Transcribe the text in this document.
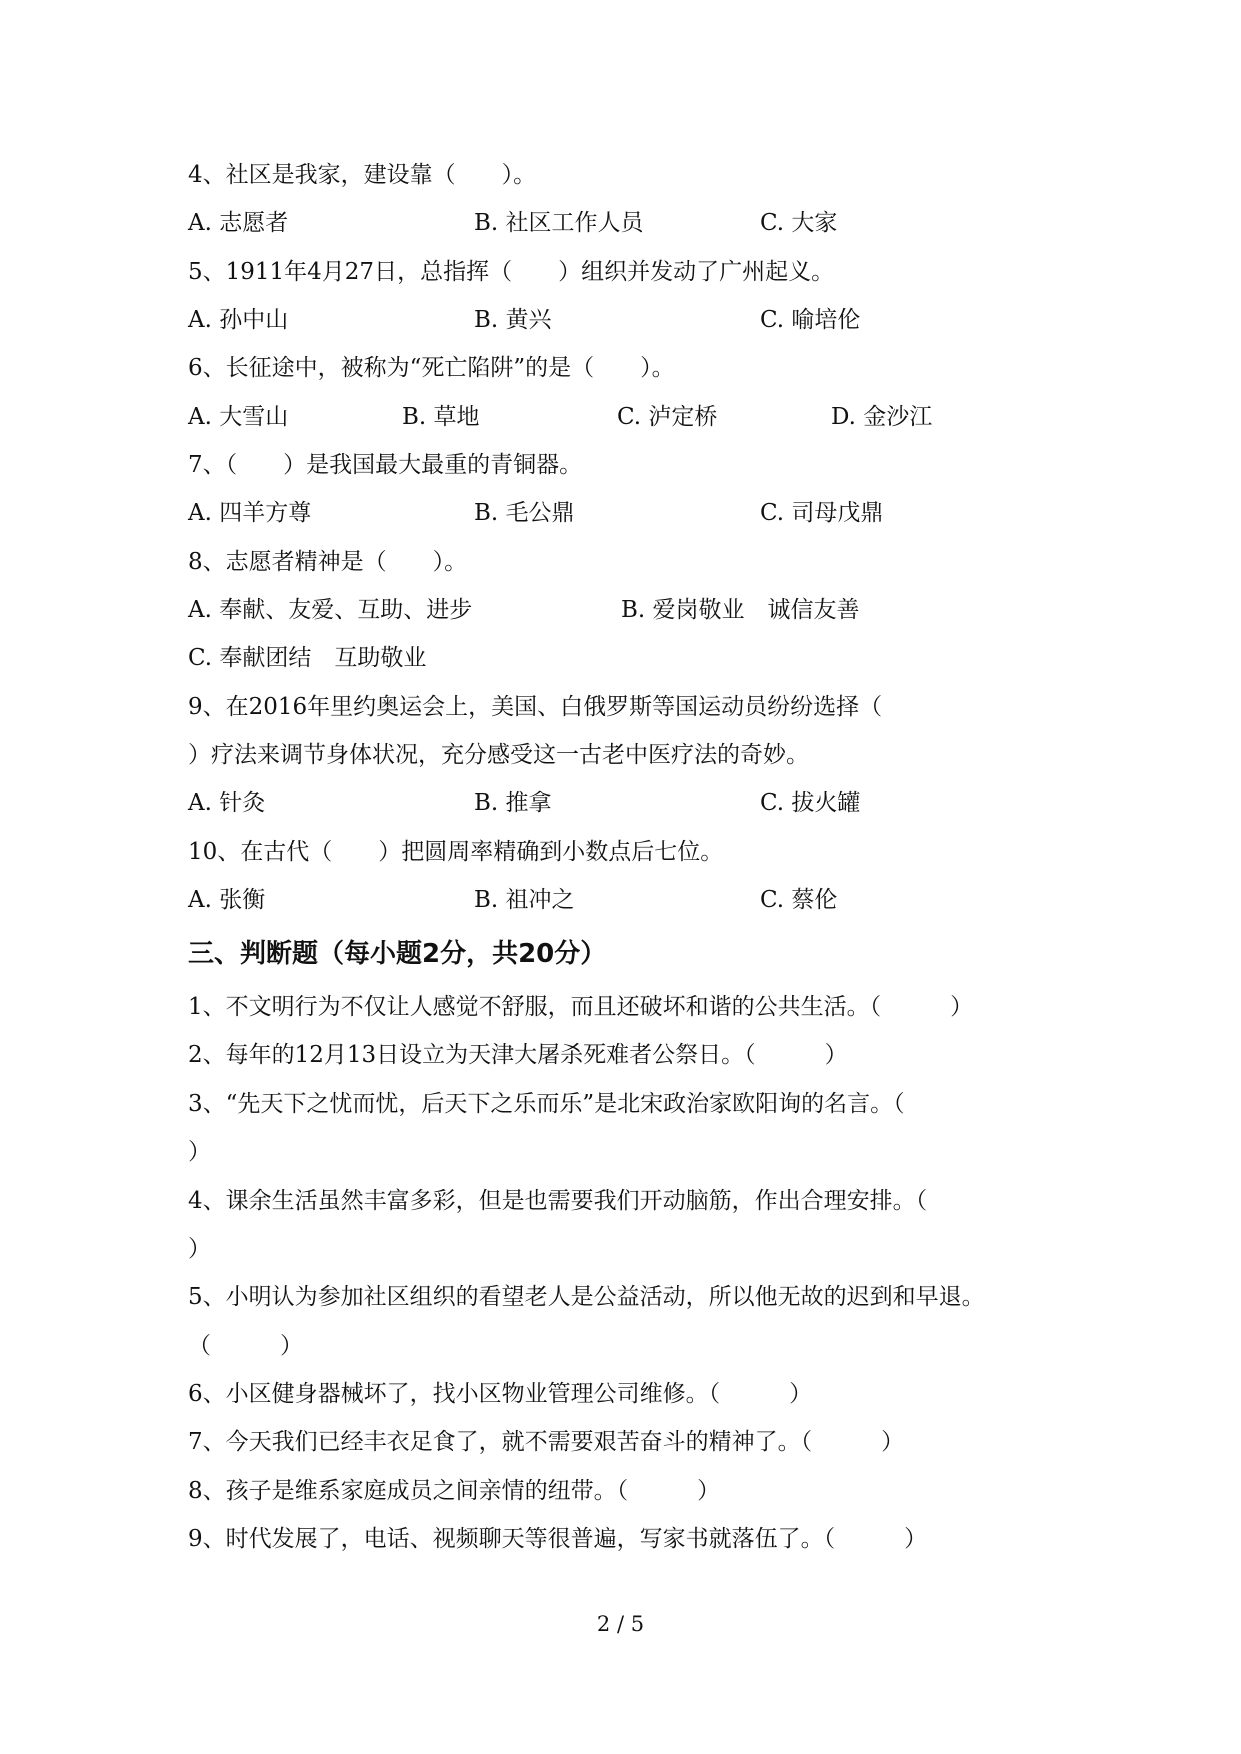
4、社区是我家，建设靠（　　）。
A. 志愿者	B. 社区工作人员	C. 大家
5、1911年4月27日，总指挥（　　）组织并发动了广州起义。
A. 孙中山	B. 黄兴	C. 喻培伦
6、长征途中，被称为“死亡陷阱”的是（　　）。
A. 大雪山	B. 草地	C. 泸定桥	D. 金沙江
7、（　　）是我国最大最重的青铜器。
A. 四羊方尊	B. 毛公鼎	C. 司母戊鼎
8、志愿者精神是（　　）。
A. 奉献、友爱、互助、进步	B. 爱岗敬业　诚信友善
C. 奉献团结　互助敬业
9、在2016年里约奥运会上，美国、白俄罗斯等国运动员纷纷选择（
）疗法来调节身体状况，充分感受这一古老中医疗法的奇妙。
A. 针灸	B. 推拿	C. 拔火罐
10、在古代（　　）把圆周率精确到小数点后七位。
A. 张衡	B. 祖冲之	C. 蔡伦
三、判断题（每小题2分，共20分）
1、不文明行为不仅让人感觉不舒服，而且还破坏和谐的公共生活。（　　　）
2、每年的12月13日设立为天津大屠杀死难者公祭日。（　　　）
3、“先天下之忧而忧，后天下之乐而乐”是北宋政治家欧阳询的名言。（
）
4、课余生活虽然丰富多彩，但是也需要我们开动脑筋，作出合理安排。（
）
5、小明认为参加社区组织的看望老人是公益活动，所以他无故的迟到和早退。
（　　　）
6、小区健身器械坏了，找小区物业管理公司维修。（　　　）
7、今天我们已经丰衣足食了，就不需要艰苦奋斗的精神了。（　　　）
8、孩子是维系家庭成员之间亲情的纽带。（　　　）
9、时代发展了，电话、视频聊天等很普遍，写家书就落伍了。（　　　）
2 / 5
